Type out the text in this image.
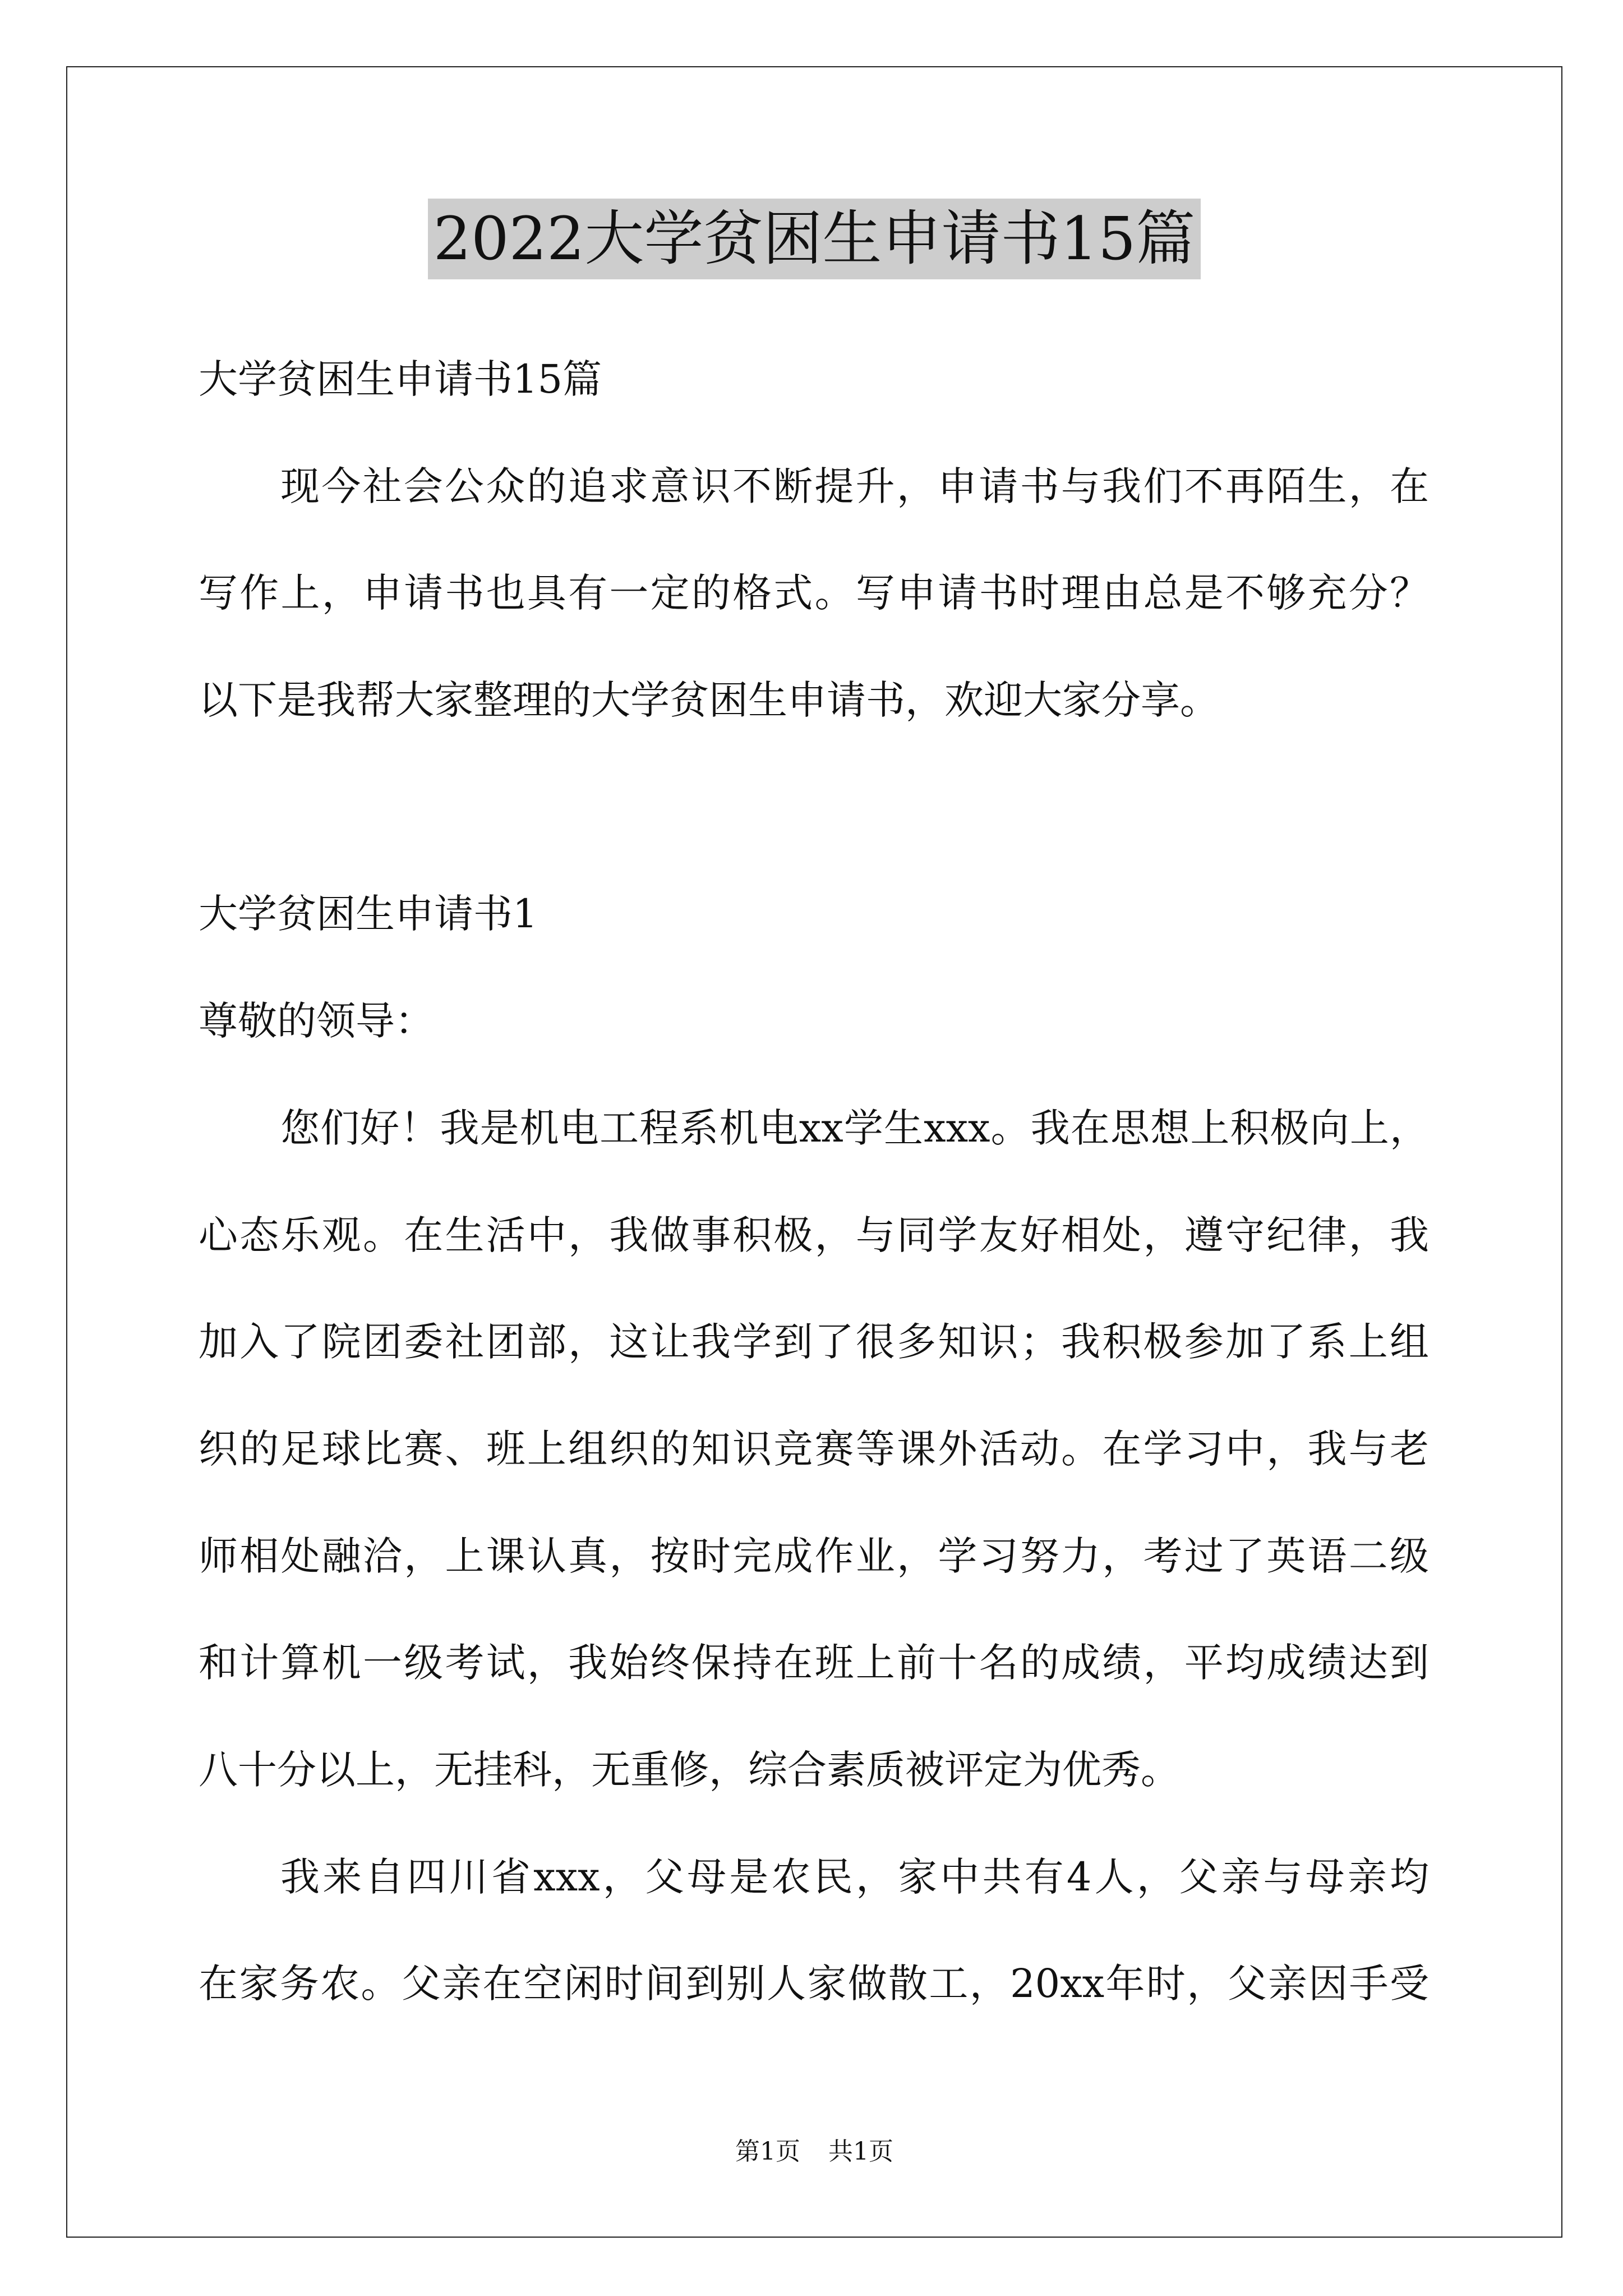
2022大学贫困生申请书15篇
大学贫困生申请书15篇
现今社会公众的追求意识不断提升，申请书与我们不再陌生，在
写作上，申请书也具有一定的格式。写申请书时理由总是不够充分？
以下是我帮大家整理的大学贫困生申请书，欢迎大家分享。
大学贫困生申请书1
尊敬的领导：
您们好！我是机电工程系机电xx学生xxx。我在思想上积极向上，
心态乐观。在生活中，我做事积极，与同学友好相处，遵守纪律，我
加入了院团委社团部，这让我学到了很多知识；我积极参加了系上组
织的足球比赛、班上组织的知识竞赛等课外活动。在学习中，我与老
师相处融洽，上课认真，按时完成作业，学习努力，考过了英语二级
和计算机一级考试，我始终保持在班上前十名的成绩，平均成绩达到
八十分以上，无挂科，无重修，综合素质被评定为优秀。
我来自四川省xxx，父母是农民，家中共有4人，父亲与母亲均
在家务农。父亲在空闲时间到别人家做散工，20xx年时，父亲因手受
第1页 共1页
